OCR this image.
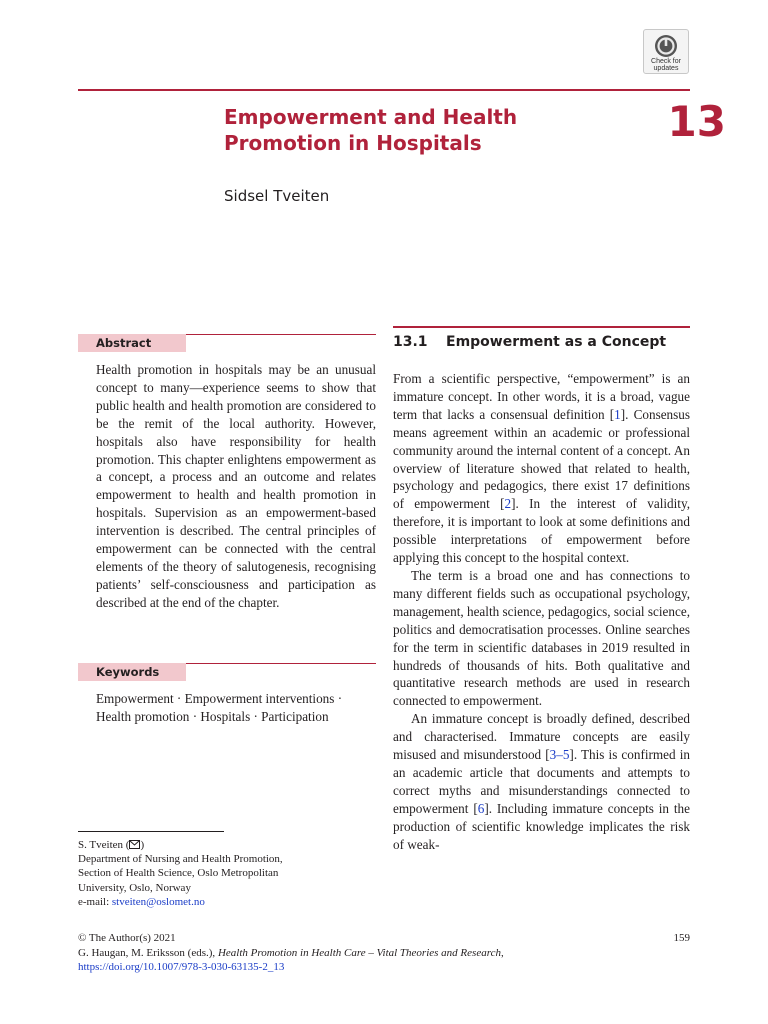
Check for
updates
Empowerment and Health
Promotion in Hospitals	13
Sidsel Tveiten
Abstract

Health promotion in hospitals may be an unusual concept to many—experience seems to show that public health and health promotion are considered to be the remit of the local authority. However, hospitals also have responsibility for health promotion. This chapter enlightens empowerment as a concept, a process and an outcome and relates empowerment to health and health promotion in hospitals. Supervision as an empowerment-based intervention is described. The central principles of empowerment can be connected with the central elements of the theory of salutogenesis, recognising patients’ self-consciousness and participation as described at the end of the chapter.

Keywords
Empowerment · Empowerment interventions ·
Health promotion · Hospitals · Participation
S. Tveiten ( )
Department of Nursing and Health Promotion,
Section of Health Science, Oslo Metropolitan
University, Oslo, Norway
e-mail: stveiten@oslomet.no
13.1 Empowerment as a Concept

From a scientific perspective, “empowerment” is an immature concept. In other words, it is a broad, vague term that lacks a consensual definition [1]. Consensus means agreement within an academic or professional community around the internal content of a concept. An overview of literature showed that related to health, psychology and pedagogics, there exist 17 definitions of empowerment [2]. In the interest of validity, therefore, it is important to look at some definitions and possible interpretations of empowerment before applying this concept to the hospital context.

The term is a broad one and has connections to many different fields such as occupational psychology, management, health science, pedagogics, social science, politics and democratisation processes. Online searches for the term in scientific databases in 2019 resulted in hundreds of thousands of hits. Both qualitative and quantitative research methods are used in research connected to empowerment.

An immature concept is broadly defined, described and characterised. Immature concepts are easily misused and misunderstood [3–5]. This is confirmed in an academic article that documents and attempts to correct myths and misunderstandings connected to empowerment [6]. Including immature concepts in the production of scientific knowledge implicates the risk of weak-

© The Author(s) 2021
G. Haugan, M. Eriksson (eds.), Health Promotion in Health Care – Vital Theories and Research,
https://doi.org/10.1007/978-3-030-63135-2_13
159
